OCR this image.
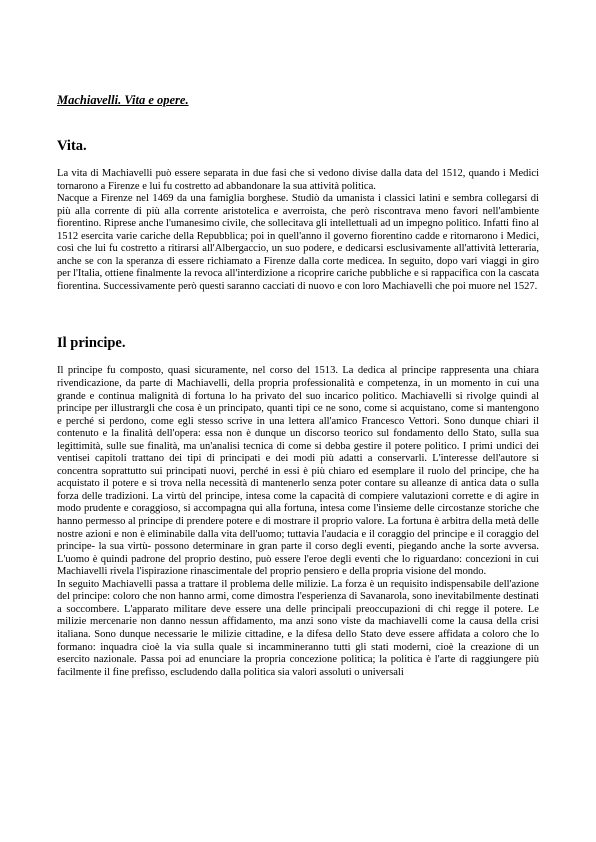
Machiavelli. Vita e opere.
Vita.

La vita di Machiavelli può essere separata in due fasi che si vedono divise dalla data del 1512, quando i Medici tornarono a Firenze e lui fu costretto ad abbandonare la sua attività politica.

Nacque a Firenze nel 1469 da una famiglia borghese. Studiò da umanista i classici latini e sembra collegarsi di più alla corrente di più alla corrente aristotelica e averroista, che però riscontrava meno favori nell'ambiente fiorentino. Riprese anche l'umanesimo civile, che sollecitava gli intellettuali ad un impegno politico. Infatti fino al 1512 esercita varie cariche della Repubblica; poi in quell'anno il governo fiorentino cadde e ritornarono i Medici, così che lui fu costretto a ritirarsi all'Albergaccio, un suo podere, e dedicarsi esclusivamente all'attività letteraria, anche se con la speranza di essere richiamato a Firenze dalla corte medicea. In seguito, dopo vari viaggi in giro per l'Italia, ottiene finalmente la revoca all'interdizione a ricoprire cariche pubbliche e si rappacifica con la cascata fiorentina. Successivamente però questi saranno cacciati di nuovo e con loro Machiavelli che poi muore nel 1527.

Il principe.

Il principe fu composto, quasi sicuramente, nel corso del 1513. La dedica al principe rappresenta una chiara rivendicazione, da parte di Machiavelli, della propria professionalità e competenza, in un momento in cui una grande e continua malignità di fortuna lo ha privato del suo incarico politico. Machiavelli si rivolge quindi al principe per illustrargli che cosa è un principato, quanti tipi ce ne sono, come si acquistano, come si mantengono e perché si perdono, come egli stesso scrive in una lettera all'amico Francesco Vettori. Sono dunque chiari il contenuto e la finalità dell'opera: essa non è dunque un discorso teorico sul fondamento dello Stato, sulla sua legittimità, sulle sue finalità, ma un'analisi tecnica di come si debba gestire il potere politico. I primi undici dei ventisei capitoli trattano dei tipi di principati e dei modi più adatti a conservarli. L'interesse dell'autore si concentra soprattutto sui principati nuovi, perché in essi è più chiaro ed esemplare il ruolo del principe, che ha acquistato il potere e si trova nella necessità di mantenerlo senza poter contare su alleanze di antica data o sulla forza delle tradizioni. La virtù del principe, intesa come la capacità di compiere valutazioni corrette e di agire in modo prudente e coraggioso, si accompagna qui alla fortuna, intesa come l'insieme delle circostanze storiche che hanno permesso al principe di prendere potere e di mostrare il proprio valore. La fortuna è arbitra della metà delle nostre azioni e non è eliminabile dalla vita dell'uomo; tuttavia l'audacia e il coraggio del principe e il coraggio del principe- la sua virtù- possono determinare in gran parte il corso degli eventi, piegando anche la sorte avversa. L'uomo è quindi padrone del proprio destino, può essere l'eroe degli eventi che lo riguardano: concezioni in cui Machiavelli rivela l'ispirazione rinascimentale del proprio pensiero e della propria visione del mondo.

In seguito Machiavelli passa a trattare il problema delle milizie. La forza è un requisito indispensabile dell'azione del principe: coloro che non hanno armi, come dimostra l'esperienza di Savanarola, sono inevitabilmente destinati a soccombere. L'apparato militare deve essere una delle principali preoccupazioni di chi regge il potere. Le milizie mercenarie non danno nessun affidamento, ma anzi sono viste da machiavelli come la causa della crisi italiana. Sono dunque necessarie le milizie cittadine, e la difesa dello Stato deve essere affidata a coloro che lo formano: inquadra cioè la via sulla quale si incammineranno tutti gli stati moderni, cioè la creazione di un esercito nazionale. Passa poi ad enunciare la propria concezione politica; la politica è l'arte di raggiungere più facilmente il fine prefisso, escludendo dalla politica sia valori assoluti o universali
